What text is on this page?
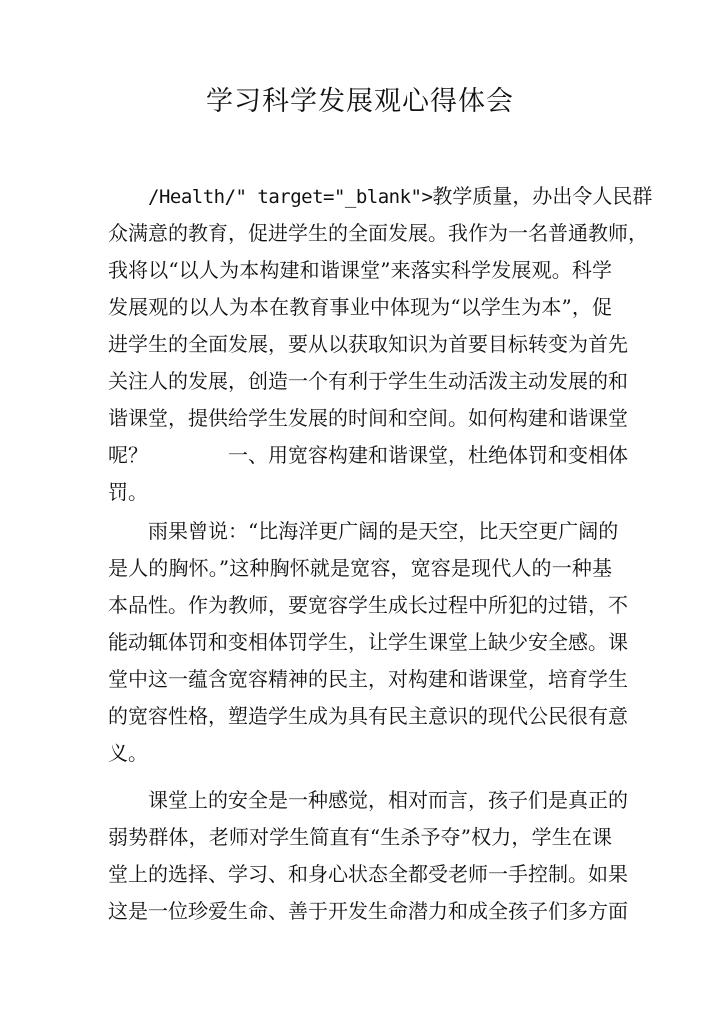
学习科学发展观心得体会
/Health/" target="_blank">教学质量，办出令人民群
众满意的教育，促进学生的全面发展。我作为一名普通教师，
我将以“以人为本构建和谐课堂”来落实科学发展观。科学
发展观的以人为本在教育事业中体现为“以学生为本”，促
进学生的全面发展，要从以获取知识为首要目标转变为首先
关注人的发展，创造一个有利于学生生动活泼主动发展的和
谐课堂，提供给学生发展的时间和空间。如何构建和谐课堂
呢？	一、用宽容构建和谐课堂，杜绝体罚和变相体
罚。
雨果曾说：“比海洋更广阔的是天空，比天空更广阔的
是人的胸怀。”这种胸怀就是宽容，宽容是现代人的一种基
本品性。作为教师，要宽容学生成长过程中所犯的过错，不
能动辄体罚和变相体罚学生，让学生课堂上缺少安全感。课
堂中这一蕴含宽容精神的民主，对构建和谐课堂，培育学生
的宽容性格，塑造学生成为具有民主意识的现代公民很有意
义。
课堂上的安全是一种感觉，相对而言，孩子们是真正的
弱势群体，老师对学生简直有“生杀予夺”权力，学生在课
堂上的选择、学习、和身心状态全都受老师一手控制。如果
这是一位珍爱生命、善于开发生命潜力和成全孩子们多方面
